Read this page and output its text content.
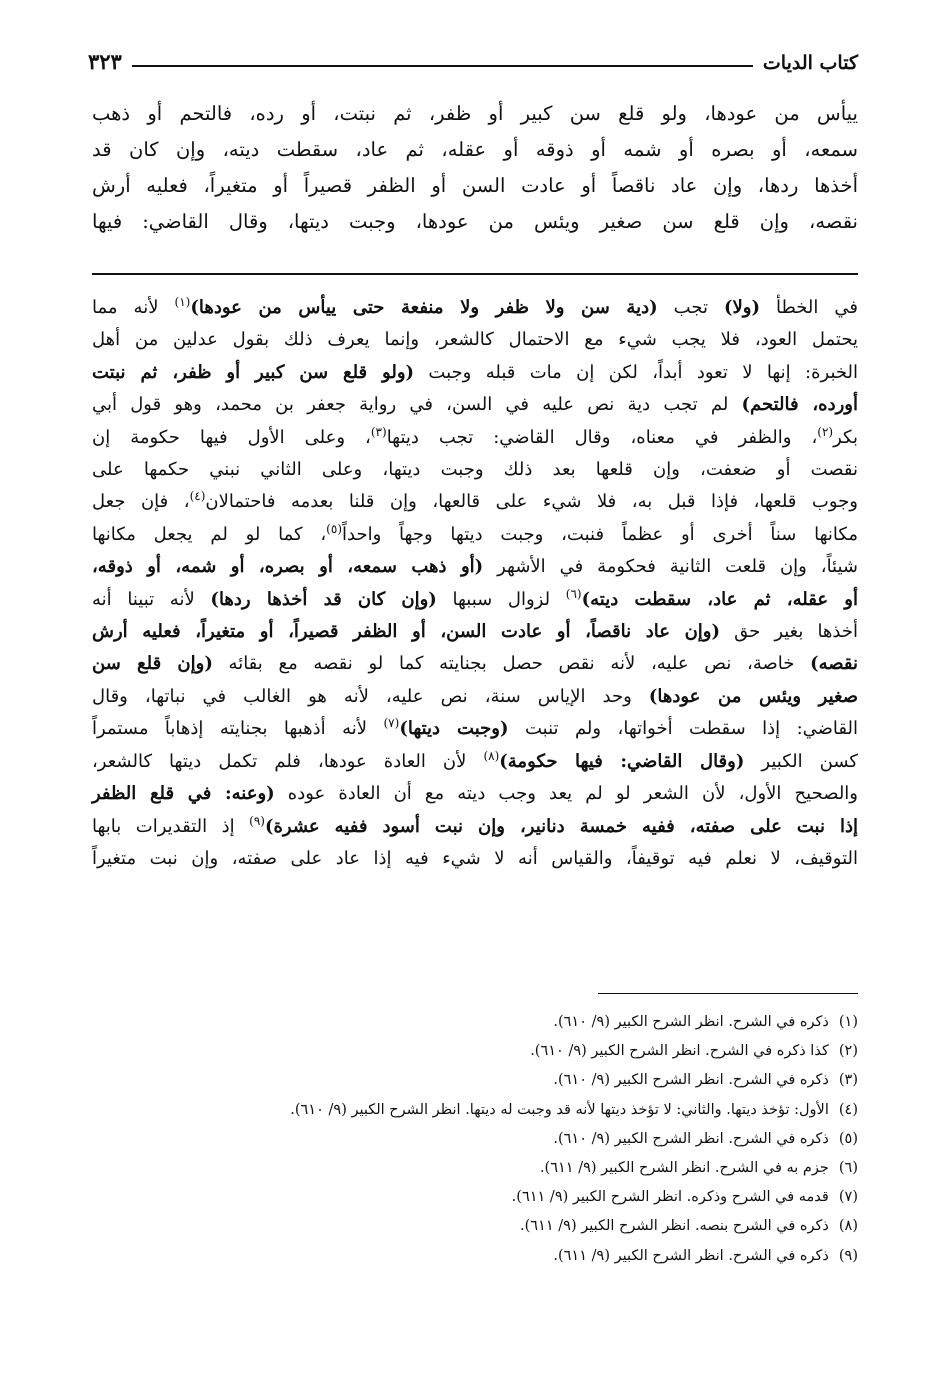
كتاب الديات
٣٢٣

ييأس من عودها، ولو قلع سن كبير أو ظفر، ثم نبتت، أو رده، فالتحم أو ذهب

سمعه، أو بصره أو شمه أو ذوقه أو عقله، ثم عاد، سقطت ديته، وإن كان قد

أخذها ردها، وإن عاد ناقصاً أو عادت السن أو الظفر قصيراً أو متغيراً، فعليه أرش

نقصه، وإن قلع سن صغير ويئس من عودها، وجبت ديتها، وقال القاضي: فيها

في الخطأ (ولا) تجب (دية سن ولا ظفر ولا منفعة حتى ييأس من عودها)$^{(١)}$ لأنه مما

يحتمل العود، فلا يجب شيء مع الاحتمال كالشعر، وإنما يعرف ذلك بقول عدلين من أهل

الخبرة: إنها لا تعود أبداً، لكن إن مات قبله وجبت (ولو قلع سن كبير أو ظفر، ثم نبتت

أورده، فالتحم) لم تجب دية نص عليه في السن، في رواية جعفر بن محمد، وهو قول أبي

بكر$^{(٢)}$، والظفر في معناه، وقال القاضي: تجب ديتها$^{(٣)}$، وعلى الأول فيها حكومة إن

نقصت أو ضعفت، وإن قلعها بعد ذلك وجبت ديتها، وعلى الثاني نبني حكمها على

وجوب قلعها، فإذا قبل به، فلا شيء على قالعها، وإن قلنا بعدمه فاحتمالان$^{(٤)}$، فإن جعل

مكانها سناً أخرى أو عظماً فنبت، وجبت ديتها وجهاً واحداً$^{(٥)}$، كما لو لم يجعل مكانها

شيئاً، وإن قلعت الثانية فحكومة في الأشهر (أو ذهب سمعه، أو بصره، أو شمه، أو ذوقه،

أو عقله، ثم عاد، سقطت ديته)$^{(٦)}$ لزوال سببها (وإن كان قد أخذها ردها) لأنه تبينا أنه

أخذها بغير حق (وإن عاد ناقصاً، أو عادت السن، أو الظفر قصيراً، أو متغيراً، فعليه أرش

نقصه) خاصة، نص عليه، لأنه نقص حصل بجنايته كما لو نقصه مع بقائه (وإن قلع سن

صغير ويئس من عودها) وحد الإياس سنة، نص عليه، لأنه هو الغالب في نباتها، وقال

القاضي: إذا سقطت أخواتها، ولم تنبت (وجبت ديتها)$^{(٧)}$ لأنه أذهبها بجنايته إذهاباً مستمراً

كسن الكبير (وقال القاضي: فيها حكومة)$^{(٨)}$ لأن العادة عودها، فلم تكمل ديتها كالشعر،

والصحيح الأول، لأن الشعر لو لم يعد وجب ديته مع أن العادة عوده (وعنه: في قلع الظفر

إذا نبت على صفته، ففيه خمسة دنانير، وإن نبت أسود ففيه عشرة)$^{(٩)}$ إذ التقديرات بابها

التوقيف، لا نعلم فيه توقيفاً، والقياس أنه لا شيء فيه إذا عاد على صفته، وإن نبت متغيراً

(١)ذكره في الشرح. انظر الشرح الكبير (٩/ ٦١٠).
(٢)كذا ذكره في الشرح. انظر الشرح الكبير (٩/ ٦١٠).
(٣)ذكره في الشرح. انظر الشرح الكبير (٩/ ٦١٠).
(٤)الأول: تؤخذ ديتها. والثاني: لا تؤخذ ديتها لأنه قد وجبت له ديتها. انظر الشرح الكبير (٩/ ٦١٠).
(٥)ذكره في الشرح. انظر الشرح الكبير (٩/ ٦١٠).
(٦)جزم به في الشرح. انظر الشرح الكبير (٩/ ٦١١).
(٧)قدمه في الشرح وذكره. انظر الشرح الكبير (٩/ ٦١١).
(٨)ذكره في الشرح بنصه. انظر الشرح الكبير (٩/ ٦١١).
(٩)ذكره في الشرح. انظر الشرح الكبير (٩/ ٦١١).
